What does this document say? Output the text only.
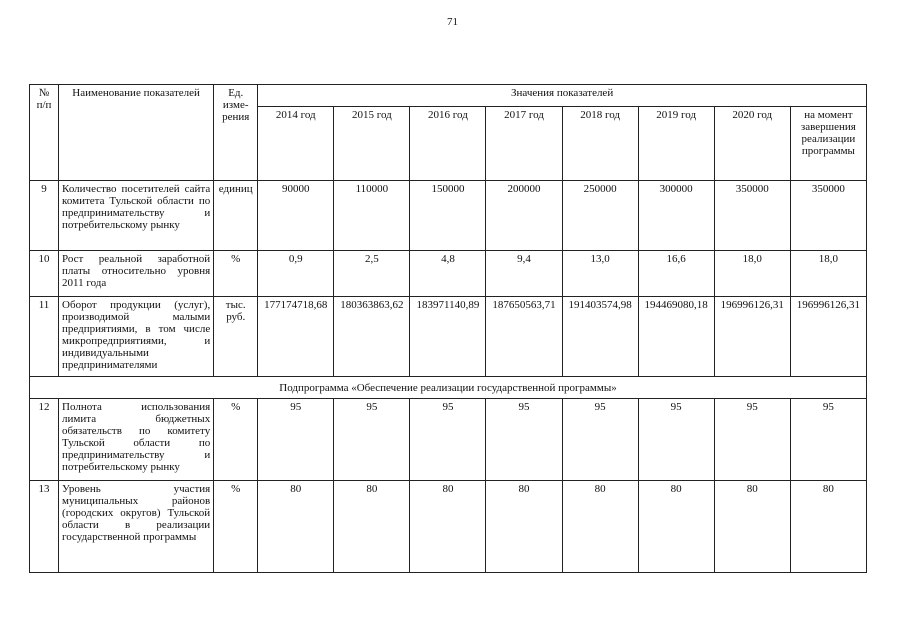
71
№ п/п	Наименование показателей	Ед. изме-рения	Значения показателей							
			2014 год	2015 год	2016 год	2017 год	2018 год	2019 год	2020 год	на момент завершения реализации программы
9	Количество посетителей сайта комитета Тульской области по предпринимательству и потребительскому рынку	единиц	90000	110000	150000	200000	250000	300000	350000	350000
10	Рост реальной заработной платы относительно уровня 2011 года	%	0,9	2,5	4,8	9,4	13,0	16,6	18,0	18,0
11	Оборот продукции (услуг), производимой малыми предприятиями, в том числе микропредприятиями, и индивидуальными предпринимателями	тыс. руб.	177174718,68	180363863,62	183971140,89	187650563,71	191403574,98	194469080,18	196996126,31	196996126,31
Подпрограмма «Обеспечение реализации государственной программы»										
12	Полнота использования лимита бюджетных обязательств по комитету Тульской области по предпринимательству и потребительскому рынку	%	95	95	95	95	95	95	95	95
13	Уровень участия муниципальных районов (городских округов) Тульской области в реализации государственной программы	%	80	80	80	80	80	80	80	80
